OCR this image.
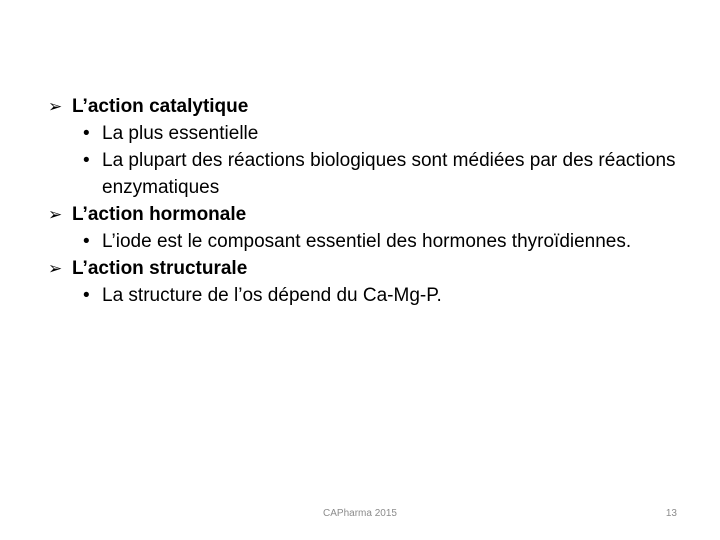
➢ L’action catalytique
• La plus essentielle
• La plupart des réactions biologiques sont médiées par des réactions enzymatiques
➢ L’action hormonale
• L’iode est le composant essentiel des hormones thyroïdiennes.
➢ L’action structurale
• La structure de l’os dépend du Ca-Mg-P.
CAPharma 2015	13
